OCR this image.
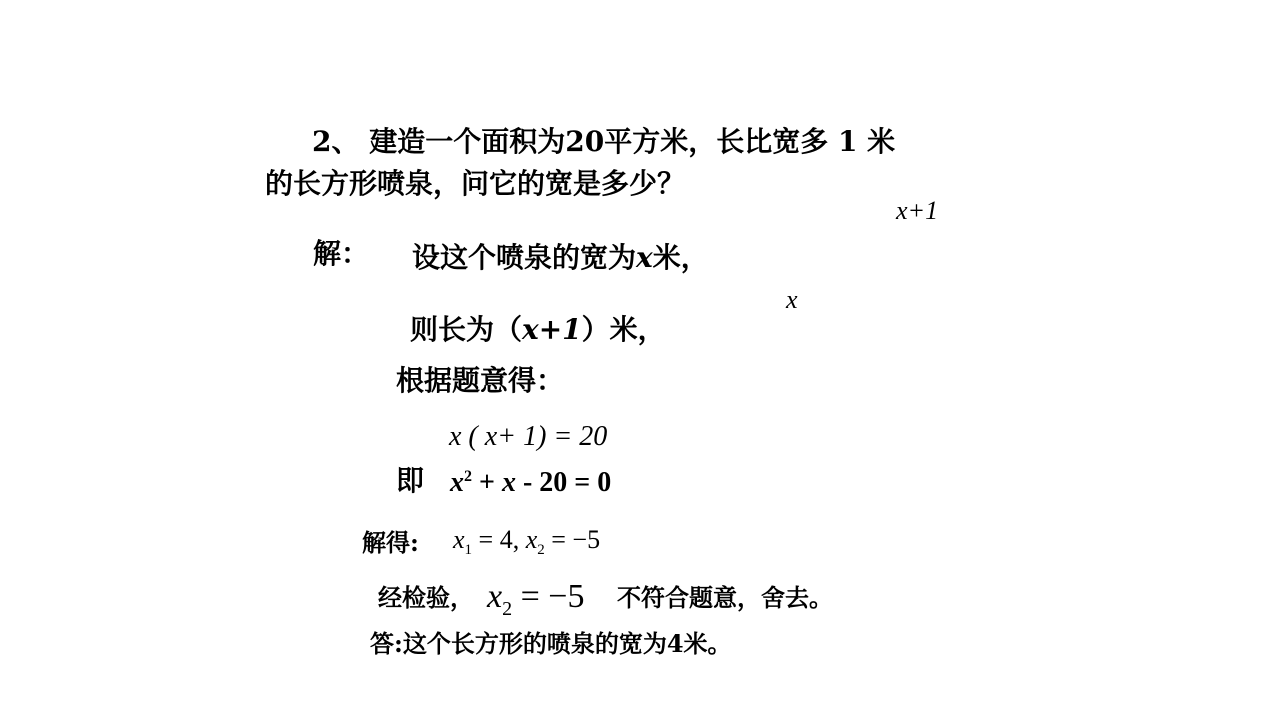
2、 建造一个面积为20平方米，长比宽多 1 米
的长方形喷泉，问它的宽是多少？
x+1
x
解： 设这个喷泉的宽为x米，
则长为（x+1）米，
根据题意得：
x ( x+ 1) = 20
即 $x^2 + x - 20 = 0$
解得: $x_1 = 4$, $x_2 = -5$
经检验， $x_2 = -5$ 不符合题意，舍去。
答:这个长方形的喷泉的宽为4米。
